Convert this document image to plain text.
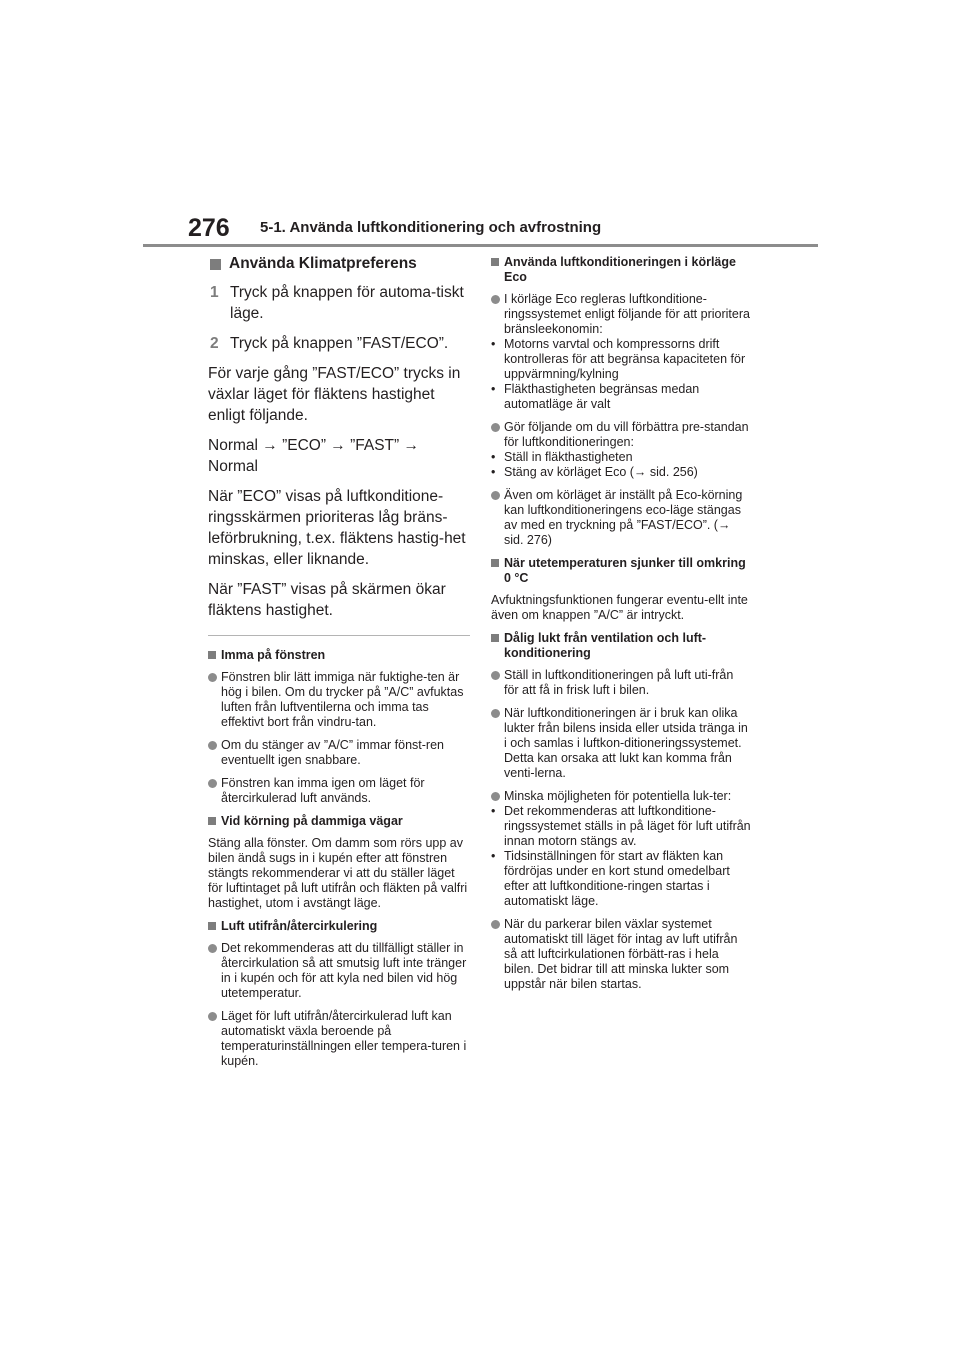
276 5-1. Använda luftkonditionering och avfrostning
Använda Klimatpreferens
1 Tryck på knappen för automa-tiskt läge.
2 Tryck på knappen ”FAST/ECO”.

För varje gång ”FAST/ECO” trycks in växlar läget för fläktens hastighet enligt följande.

Normal → ”ECO” → ”FAST” → Normal

När ”ECO” visas på luftkonditione-ringsskärmen prioriteras låg bräns-leförbrukning, t.ex. fläktens hastig-het minskas, eller liknande.

När ”FAST” visas på skärmen ökar fläktens hastighet.

Imma på fönstren
Fönstren blir lätt immiga när fuktighe-ten är hög i bilen. Om du trycker på ”A/C” avfuktas luften från luftventilerna och imma tas effektivt bort från vindru-tan.
Om du stänger av ”A/C” immar fönst-ren eventuellt igen snabbare.
Fönstren kan imma igen om läget för återcirkulerad luft används.
Vid körning på dammiga vägar

Stäng alla fönster. Om damm som rörs upp av bilen ändå sugs in i kupén efter att fönstren stängts rekommenderar vi att du ställer läget för luftintaget på luft utifrån och fläkten på valfri hastighet, utom i avstängt läge.

Luft utifrån/återcirkulering
Det rekommenderas att du tillfälligt ställer in återcirkulation så att smutsig luft inte tränger in i kupén och för att kyla ned bilen vid hög utetemperatur.
Läget för luft utifrån/återcirkulerad luft kan automatiskt växla beroende på temperaturinställningen eller tempera-turen i kupén.
Använda luftkonditioneringen i körläge Eco
I körläge Eco regleras luftkonditione-ringssystemet enligt följande för att prioritera bränsleekonomin:
• Motorns varvtal och kompressorns drift kontrolleras för att begränsa kapaciteten för uppvärmning/kylning
• Fläkthastigheten begränsas medan automatläge är valt
Gör följande om du vill förbättra pre-standan för luftkonditioneringen:
• Ställ in fläkthastigheten
• Stäng av körläget Eco (→ sid. 256)
Även om körläget är inställt på Eco-körning kan luftkonditioneringens eco-läge stängas av med en tryckning på ”FAST/ECO”. (→ sid. 276)
När utetemperaturen sjunker till omkring 0 °C

Avfuktningsfunktionen fungerar eventu-ellt inte även om knappen ”A/C” är intryckt.

Dålig lukt från ventilation och luft-konditionering
Ställ in luftkonditioneringen på luft uti-från för att få in frisk luft i bilen.
När luftkonditioneringen är i bruk kan olika lukter från bilens insida eller utsida tränga in i och samlas i luftkon-ditioneringssystemet. Detta kan orsaka att lukt kan komma från venti-lerna.
Minska möjligheten för potentiella luk-ter:
• Det rekommenderas att luftkonditione-ringssystemet ställs in på läget för luft utifrån innan motorn stängs av.
• Tidsinställningen för start av fläkten kan fördröjas under en kort stund omedelbart efter att luftkonditione-ringen startas i automatiskt läge.
När du parkerar bilen växlar systemet automatiskt till läget för intag av luft utifrån så att luftcirkulationen förbätt-ras i hela bilen. Det bidrar till att minska lukter som uppstår när bilen startas.
